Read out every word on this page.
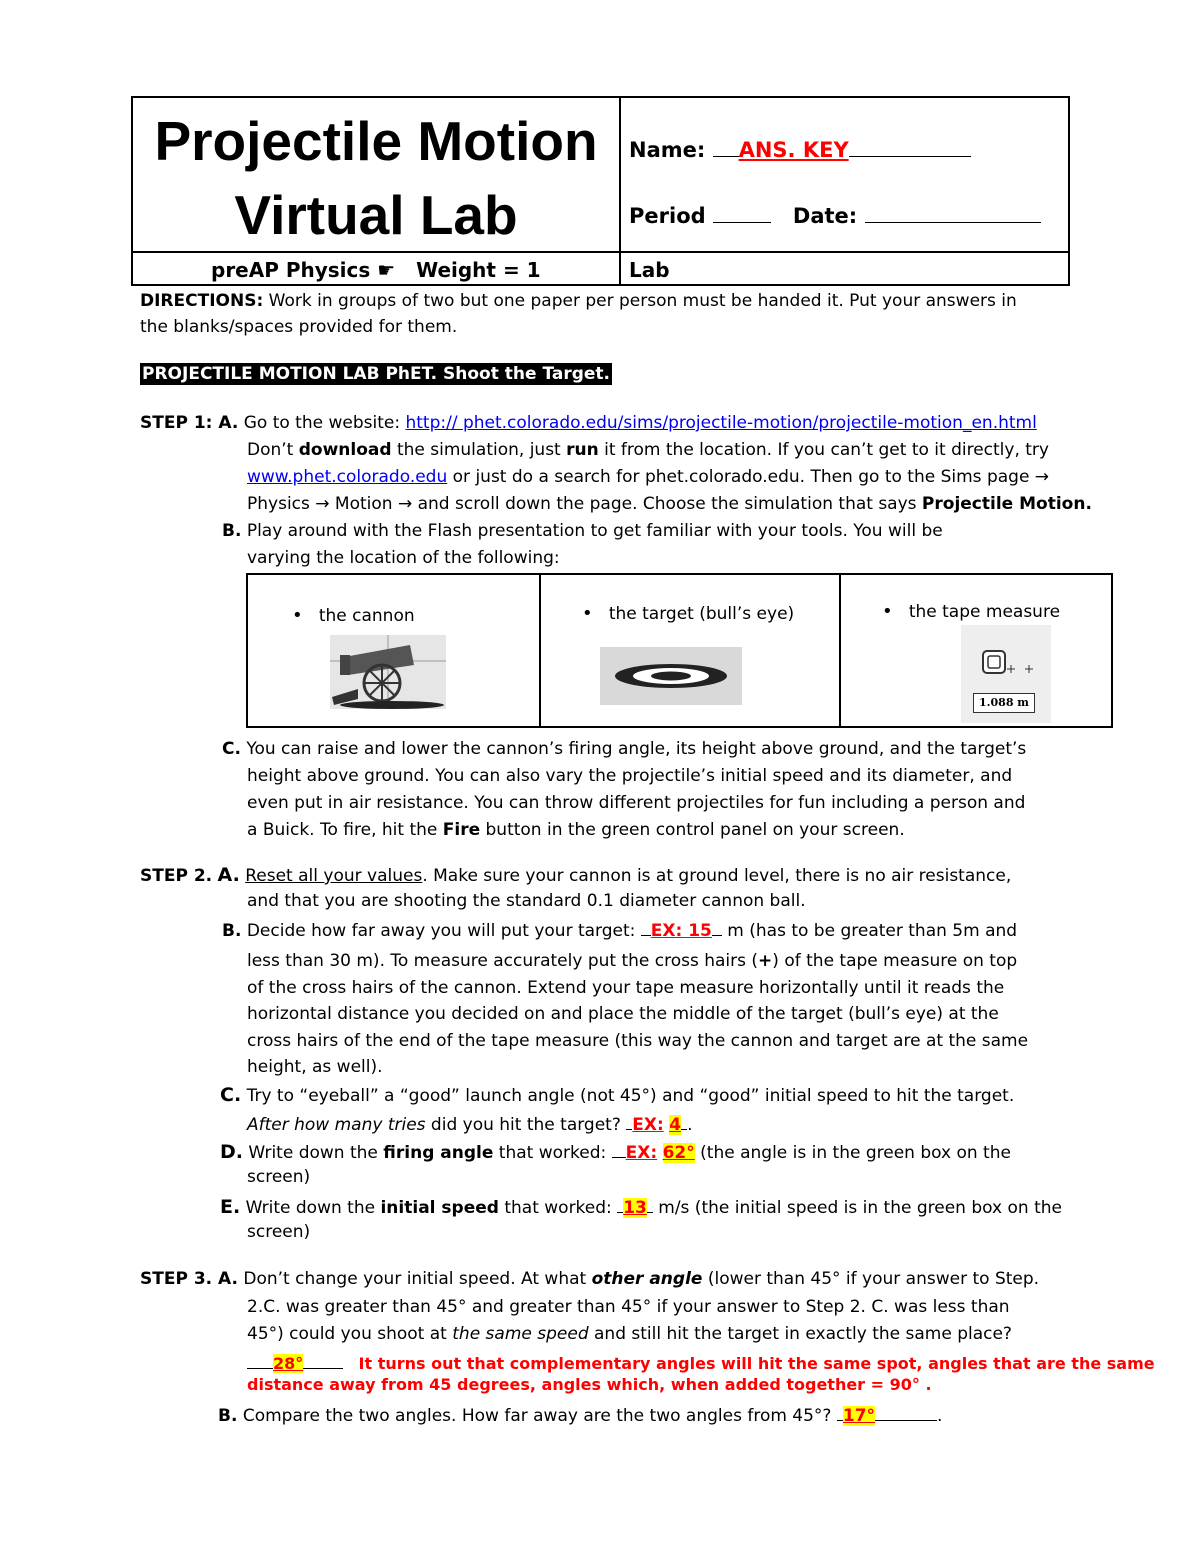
Projectile Motion
Virtual Lab
Name: ANS. KEY
Period	Date:
preAP Physics ☛ Weight = 1	Lab
DIRECTIONS: Work in groups of two but one paper per person must be handed it. Put your answers in
the blanks/spaces provided for them.
PROJECTILE MOTION LAB PhET. Shoot the Target.
STEP 1: A. Go to the website: http:// phet.colorado.edu/sims/projectile-motion/projectile-motion_en.html
Don’t download the simulation, just run it from the location. If you can’t get to it directly, try
www.phet.colorado.edu or just do a search for phet.colorado.edu. Then go to the Sims page →
Physics → Motion → and scroll down the page. Choose the simulation that says Projectile Motion.
B. Play around with the Flash presentation to get familiar with your tools. You will be
varying the location of the following:
• the cannon	• the target (bull’s eye)	• the tape measure
1.088 m
C. You can raise and lower the cannon’s firing angle, its height above ground, and the target’s
height above ground. You can also vary the projectile’s initial speed and its diameter, and
even put in air resistance. You can throw different projectiles for fun including a person and
a Buick. To fire, hit the Fire button in the green control panel on your screen.
STEP 2. A. Reset all your values. Make sure your cannon is at ground level, there is no air resistance,
and that you are shooting the standard 0.1 diameter cannon ball.
B. Decide how far away you will put your target: EX: 15 m (has to be greater than 5m and
less than 30 m). To measure accurately put the cross hairs (+) of the tape measure on top
of the cross hairs of the cannon. Extend your tape measure horizontally until it reads the
horizontal distance you decided on and place the middle of the target (bull’s eye) at the
cross hairs of the end of the tape measure (this way the cannon and target are at the same
height, as well).
C. Try to “eyeball” a “good” launch angle (not 45°) and “good” initial speed to hit the target.
After how many tries did you hit the target? EX: 4 .
D. Write down the firing angle that worked: EX: 62° (the angle is in the green box on the
screen)
E. Write down the initial speed that worked: 13 m/s (the initial speed is in the green box on the
screen)
STEP 3. A. Don’t change your initial speed. At what other angle (lower than 45° if your answer to Step.
2.C. was greater than 45° and greater than 45° if your answer to Step 2. C. was less than
45°) could you shoot at the same speed and still hit the target in exactly the same place?
28°	It turns out that complementary angles will hit the same spot, angles that are the same
distance away from 45 degrees, angles which, when added together = 90° .
B. Compare the two angles. How far away are the two angles from 45°? 17°	.
